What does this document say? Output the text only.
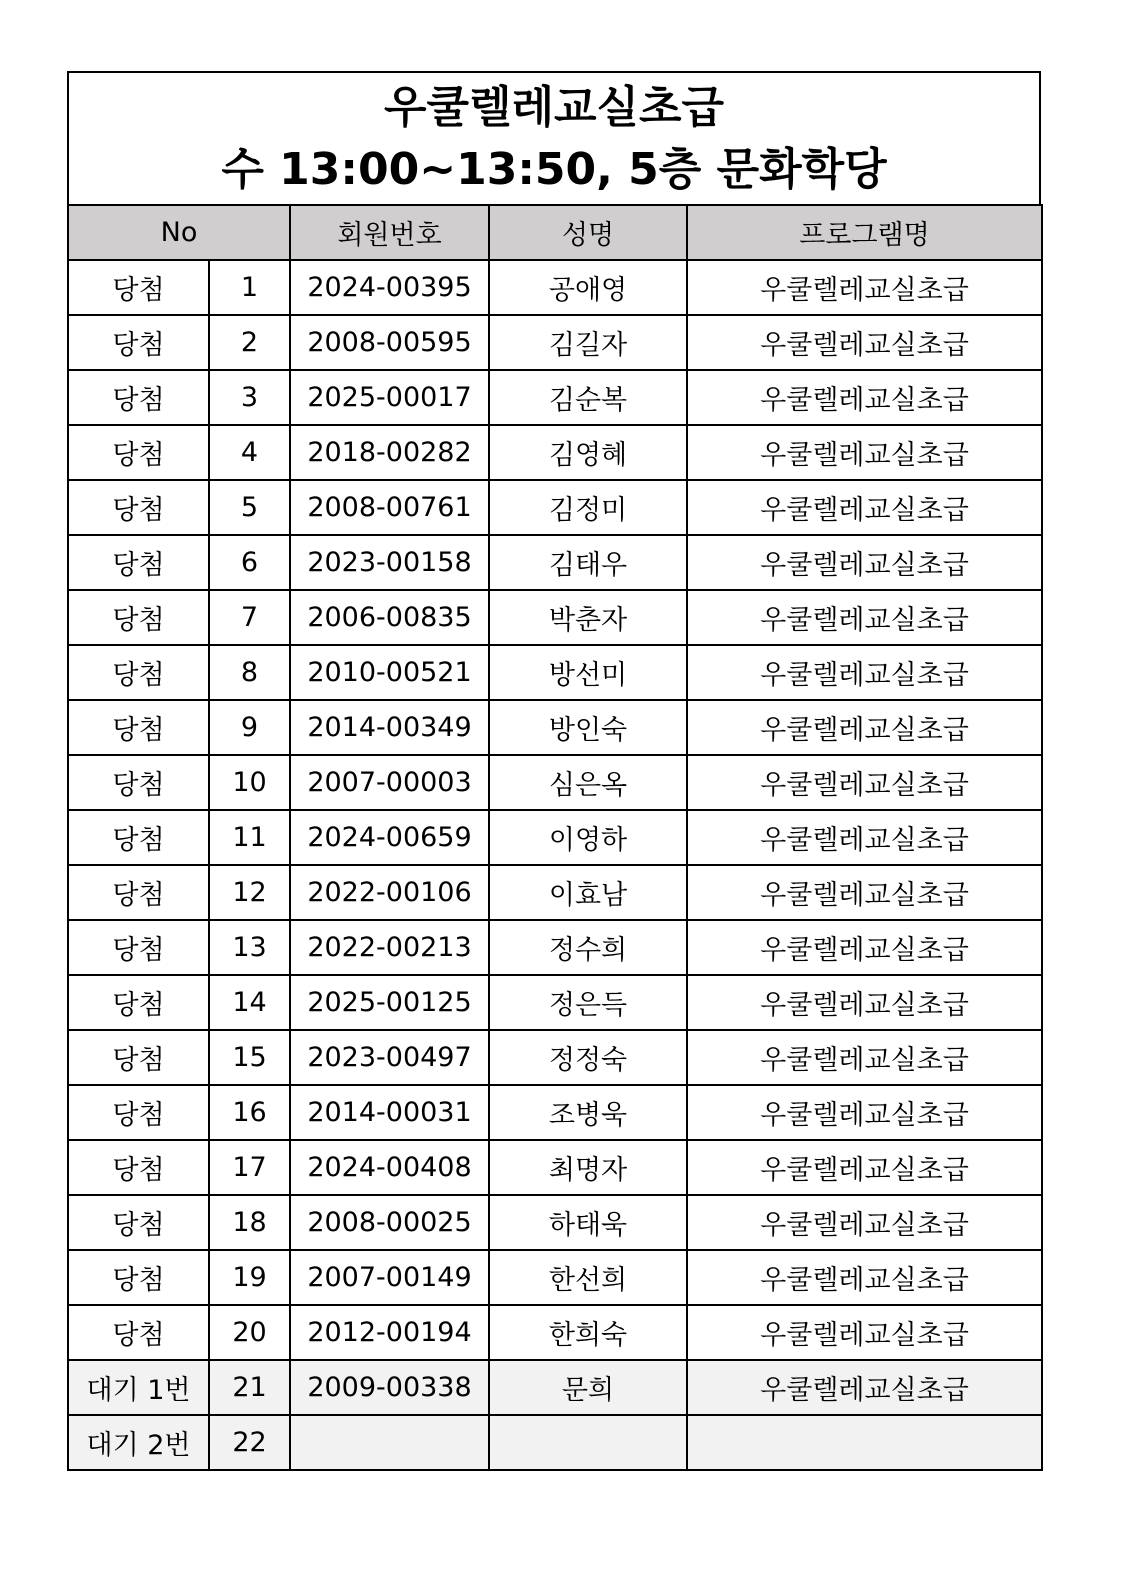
우쿨렐레교실초급
수 13:00~13:50, 5층 문화학당
No		회원번호	성명	프로그램명
당첨	1	2024-00395	공애영	우쿨렐레교실초급
당첨	2	2008-00595	김길자	우쿨렐레교실초급
당첨	3	2025-00017	김순복	우쿨렐레교실초급
당첨	4	2018-00282	김영혜	우쿨렐레교실초급
당첨	5	2008-00761	김정미	우쿨렐레교실초급
당첨	6	2023-00158	김태우	우쿨렐레교실초급
당첨	7	2006-00835	박춘자	우쿨렐레교실초급
당첨	8	2010-00521	방선미	우쿨렐레교실초급
당첨	9	2014-00349	방인숙	우쿨렐레교실초급
당첨	10	2007-00003	심은옥	우쿨렐레교실초급
당첨	11	2024-00659	이영하	우쿨렐레교실초급
당첨	12	2022-00106	이효남	우쿨렐레교실초급
당첨	13	2022-00213	정수희	우쿨렐레교실초급
당첨	14	2025-00125	정은득	우쿨렐레교실초급
당첨	15	2023-00497	정정숙	우쿨렐레교실초급
당첨	16	2014-00031	조병욱	우쿨렐레교실초급
당첨	17	2024-00408	최명자	우쿨렐레교실초급
당첨	18	2008-00025	하태욱	우쿨렐레교실초급
당첨	19	2007-00149	한선희	우쿨렐레교실초급
당첨	20	2012-00194	한희숙	우쿨렐레교실초급
대기 1번	21	2009-00338	문희	우쿨렐레교실초급
대기 2번	22			
